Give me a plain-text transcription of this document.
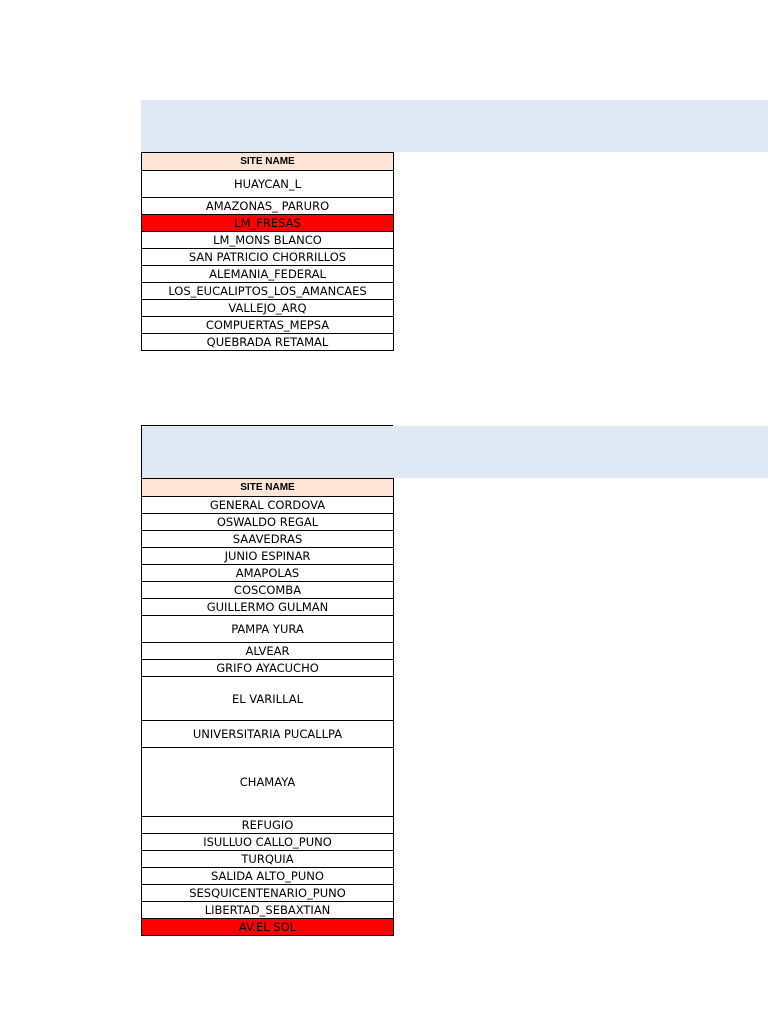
SITE NAME
HUAYCAN_L
AMAZONAS_ PARURO
LM_FRESAS
LM_MONS BLANCO
SAN PATRICIO CHORRILLOS
ALEMANIA_FEDERAL
LOS_EUCALIPTOS_LOS_AMANCAES
VALLEJO_ARQ
COMPUERTAS_MEPSA
QUEBRADA RETAMAL
SITE NAME
GENERAL CORDOVA
OSWALDO REGAL
SAAVEDRAS
JUNIO ESPINAR
AMAPOLAS
COSCOMBA
GUILLERMO GULMAN
PAMPA YURA
ALVEAR
GRIFO AYACUCHO
EL VARILLAL
UNIVERSITARIA PUCALLPA
CHAMAYA
REFUGIO
ISULLUO CALLO_PUNO
TURQUIA
SALIDA ALTO_PUNO
SESQUICENTENARIO_PUNO
LIBERTAD_SEBAXTIAN
AV.EL SOL
